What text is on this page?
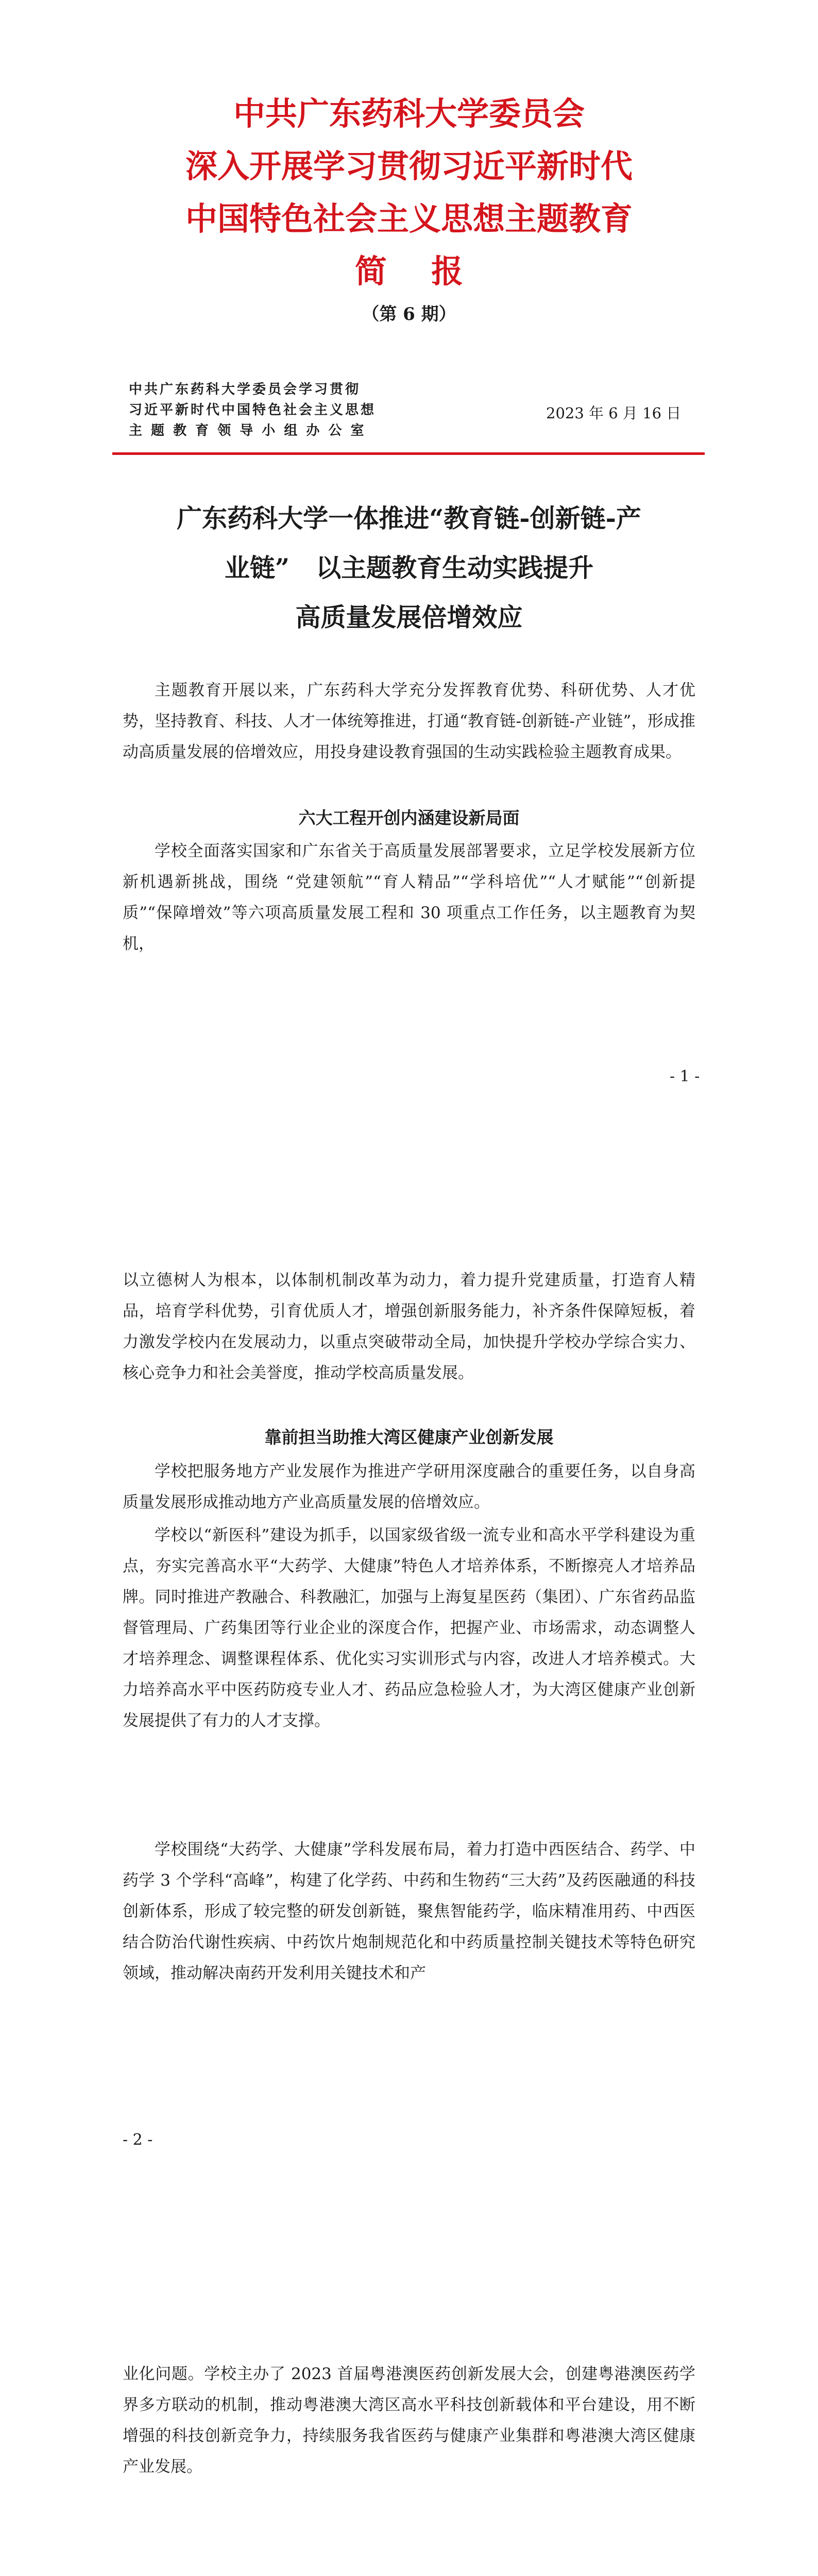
中共广东药科大学委员会
深入开展学习贯彻习近平新时代
中国特色社会主义思想主题教育
简    报
（第 6 期）
中共广东药科大学委员会学习贯彻
习近平新时代中国特色社会主义思想
主 题 教 育 领 导 小 组 办 公 室
2023 年 6 月 16 日
广东药科大学一体推进“教育链-创新链-产
业链”   以主题教育生动实践提升
高质量发展倍增效应
主题教育开展以来，广东药科大学充分发挥教育优势、科研优势、人才优势，坚持教育、科技、人才一体统筹推进，打通“教育链-创新链-产业链”，形成推动高质量发展的倍增效应，用投身建设教育强国的生动实践检验主题教育成果。
六大工程开创内涵建设新局面
学校全面落实国家和广东省关于高质量发展部署要求，立足学校发展新方位新机遇新挑战，围绕 “党建领航”“育人精品”“学科培优”“人才赋能”“创新提质”“保障增效”等六项高质量发展工程和 30 项重点工作任务，以主题教育为契机，
- 1 -
以立德树人为根本，以体制机制改革为动力，着力提升党建质量，打造育人精品，培育学科优势，引育优质人才，增强创新服务能力，补齐条件保障短板，着力激发学校内在发展动力，以重点突破带动全局，加快提升学校办学综合实力、核心竞争力和社会美誉度，推动学校高质量发展。
靠前担当助推大湾区健康产业创新发展
学校把服务地方产业发展作为推进产学研用深度融合的重要任务，以自身高质量发展形成推动地方产业高质量发展的倍增效应。
学校以“新医科”建设为抓手，以国家级省级一流专业和高水平学科建设为重点，夯实完善高水平“大药学、大健康”特色人才培养体系，不断擦亮人才培养品牌。同时推进产教融合、科教融汇，加强与上海复星医药（集团）、广东省药品监督管理局、广药集团等行业企业的深度合作，把握产业、市场需求，动态调整人才培养理念、调整课程体系、优化实习实训形式与内容，改进人才培养模式。大力培养高水平中医药防疫专业人才、药品应急检验人才，为大湾区健康产业创新发展提供了有力的人才支撑。
学校围绕“大药学、大健康”学科发展布局，着力打造中西医结合、药学、中药学 3 个学科“高峰”，构建了化学药、中药和生物药“三大药”及药医融通的科技创新体系，形成了较完整的研发创新链，聚焦智能药学，临床精准用药、中西医结合防治代谢性疾病、中药饮片炮制规范化和中药质量控制关键技术等特色研究领域，推动解决南药开发利用关键技术和产
- 2 -
业化问题。学校主办了 2023 首届粤港澳医药创新发展大会，创建粤港澳医药学界多方联动的机制，推动粤港澳大湾区高水平科技创新载体和平台建设，用不断增强的科技创新竞争力，持续服务我省医药与健康产业集群和粤港澳大湾区健康产业发展。
